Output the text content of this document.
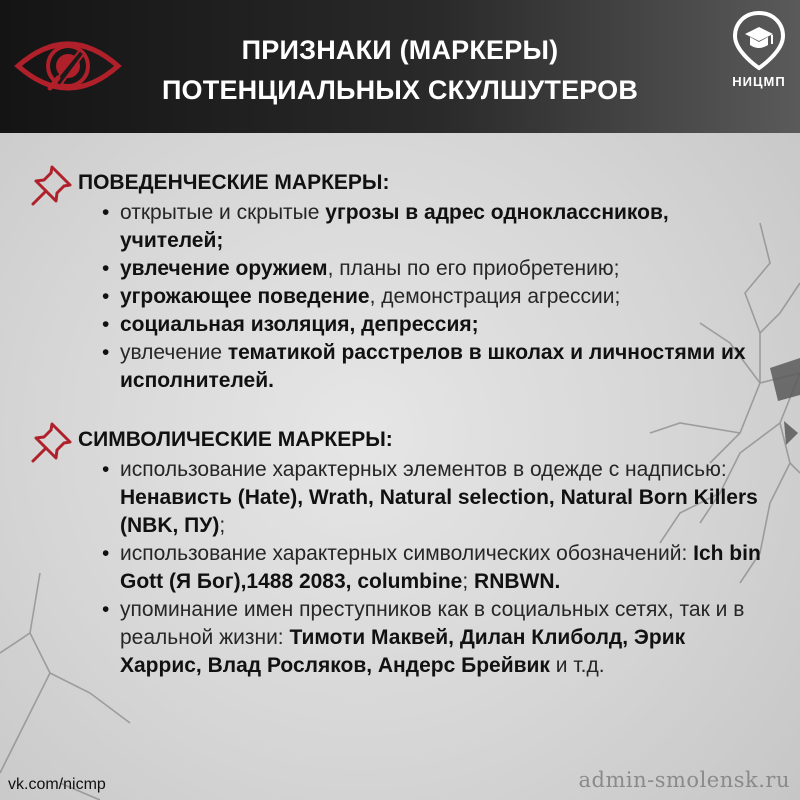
ПРИЗНАКИ (МАРКЕРЫ)
ПОТЕНЦИАЛЬНЫХ СКУЛШУТЕРОВ	НИЦМП
ПОВЕДЕНЧЕСКИЕ МАРКЕРЫ:
• открытые и скрытые угрозы в адрес одноклассников, учителей;
• увлечение оружием, планы по его приобретению;
• угрожающее поведение, демонстрация агрессии;
• социальная изоляция, депрессия;
• увлечение тематикой расстрелов в школах и личностями их исполнителей.
СИМВОЛИЧЕСКИЕ МАРКЕРЫ:
• использование характерных элементов в одежде с надписью: Ненависть (Hate), Wrath, Natural selection, Natural Born Killers (NBK, ПУ);
• использование характерных символических обозначений: Ich bin Gott (Я Бог),1488 2083, columbine; RNBWN.
• упоминание имен преступников как в социальных сетях, так и в реальной жизни: Тимоти Маквей, Дилан Клиболд, Эрик Харрис, Влад Росляков, Андерс Брейвик и т.д.
vk.com/nicmp	admin-smolensk.ru
